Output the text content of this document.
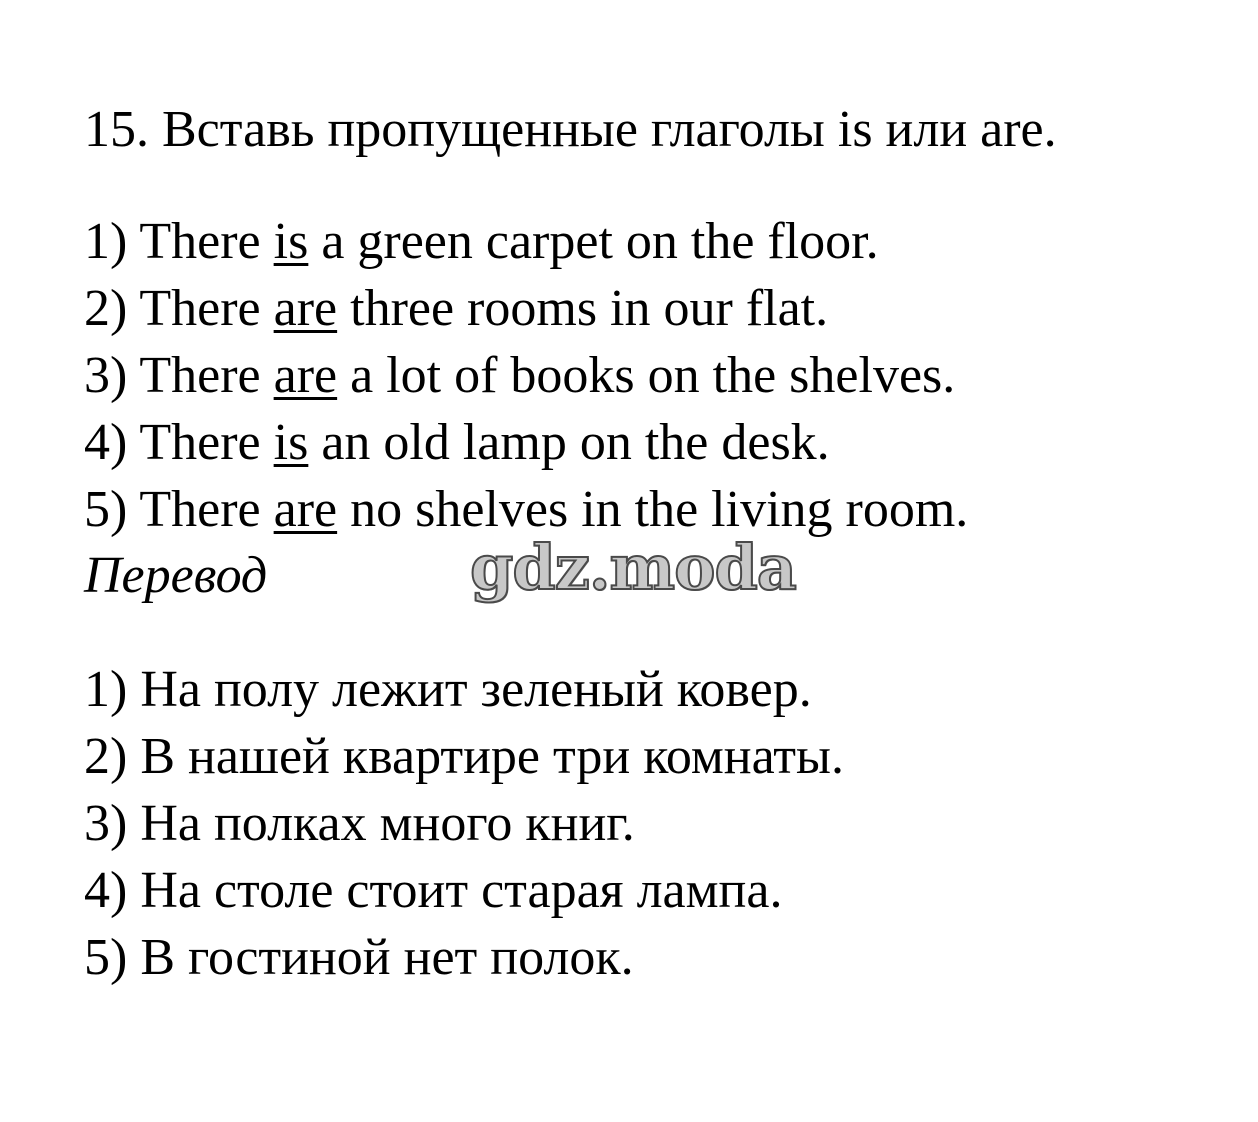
15. Вставь пропущенные глаголы is или are.
1) There is a green carpet on the floor.
2) There are three rooms in our flat.
3) There are a lot of books on the shelves.
4) There is an old lamp on the desk.
5) There are no shelves in the living room.
Перевод	gdz.moda
1) На полу лежит зеленый ковер.
2) В нашей квартире три комнаты.
3) На полках много книг.
4) На столе стоит старая лампа.
5) В гостиной нет полок.
